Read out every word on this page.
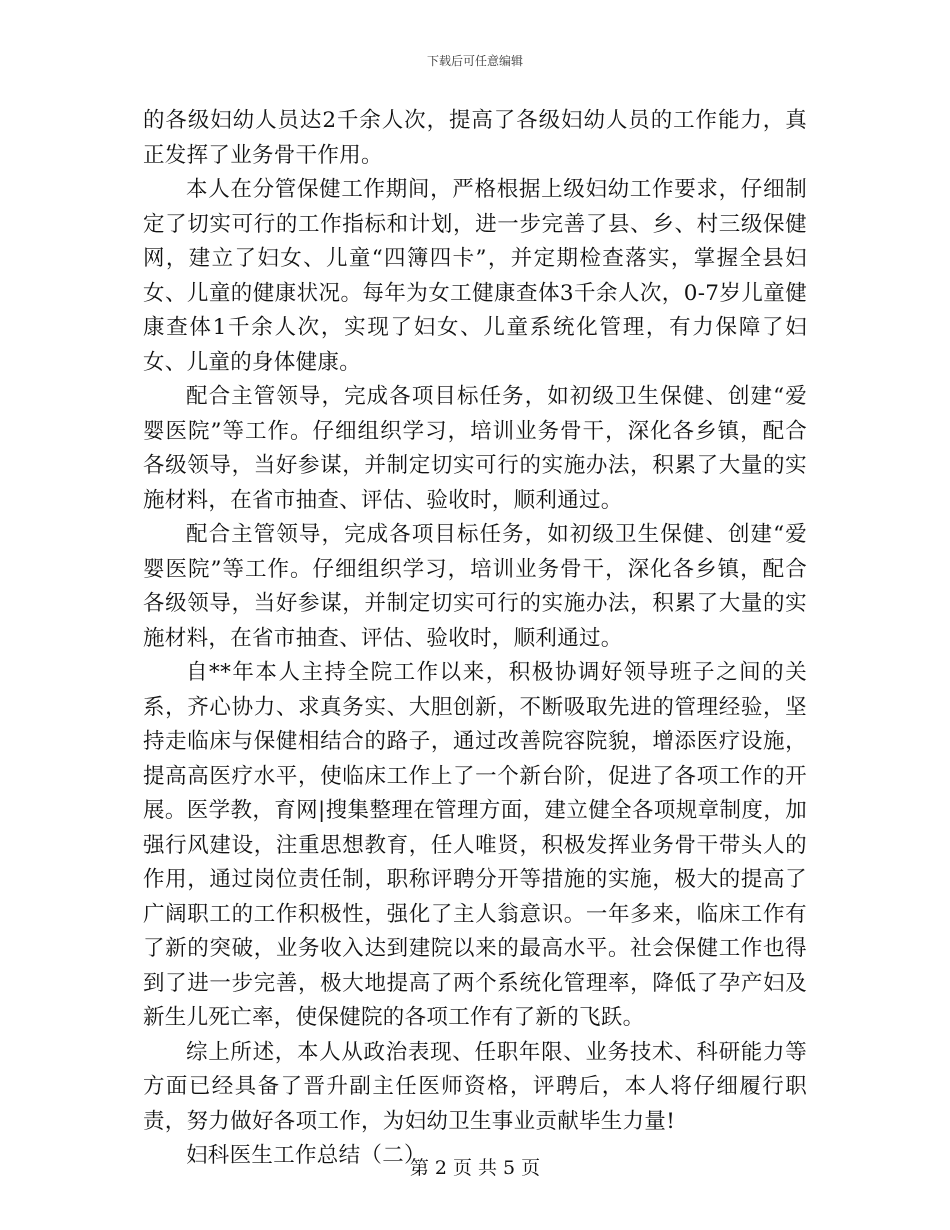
下载后可任意编辑

的各级妇幼人员达2千余人次，提高了各级妇幼人员的工作能力，真正发挥了业务骨干作用。

本人在分管保健工作期间，严格根据上级妇幼工作要求，仔细制定了切实可行的工作指标和计划，进一步完善了县、乡、村三级保健网，建立了妇女、儿童“四簿四卡”，并定期检查落实，掌握全县妇女、儿童的健康状况。每年为女工健康查体3千余人次，0-7岁儿童健康查体1千余人次，实现了妇女、儿童系统化管理，有力保障了妇女、儿童的身体健康。

配合主管领导，完成各项目标任务，如初级卫生保健、创建“爱婴医院”等工作。仔细组织学习，培训业务骨干，深化各乡镇，配合各级领导，当好参谋，并制定切实可行的实施办法，积累了大量的实施材料，在省市抽查、评估、验收时，顺利通过。

配合主管领导，完成各项目标任务，如初级卫生保健、创建“爱婴医院”等工作。仔细组织学习，培训业务骨干，深化各乡镇，配合各级领导，当好参谋，并制定切实可行的实施办法，积累了大量的实施材料，在省市抽查、评估、验收时，顺利通过。

自**年本人主持全院工作以来，积极协调好领导班子之间的关系，齐心协力、求真务实、大胆创新，不断吸取先进的管理经验，坚持走临床与保健相结合的路子，通过改善院容院貌，增添医疗设施，提高高医疗水平，使临床工作上了一个新台阶，促进了各项工作的开展。医学教，育网|搜集整理在管理方面，建立健全各项规章制度，加强行风建设，注重思想教育，任人唯贤，积极发挥业务骨干带头人的作用，通过岗位责任制，职称评聘分开等措施的实施，极大的提高了广阔职工的工作积极性，强化了主人翁意识。一年多来，临床工作有了新的突破，业务收入达到建院以来的最高水平。社会保健工作也得到了进一步完善，极大地提高了两个系统化管理率，降低了孕产妇及新生儿死亡率，使保健院的各项工作有了新的飞跃。

综上所述，本人从政治表现、任职年限、业务技术、科研能力等方面已经具备了晋升副主任医师资格，评聘后，本人将仔细履行职责，努力做好各项工作，为妇幼卫生事业贡献毕生力量!

妇科医生工作总结（二）

第 2 页 共 5 页
